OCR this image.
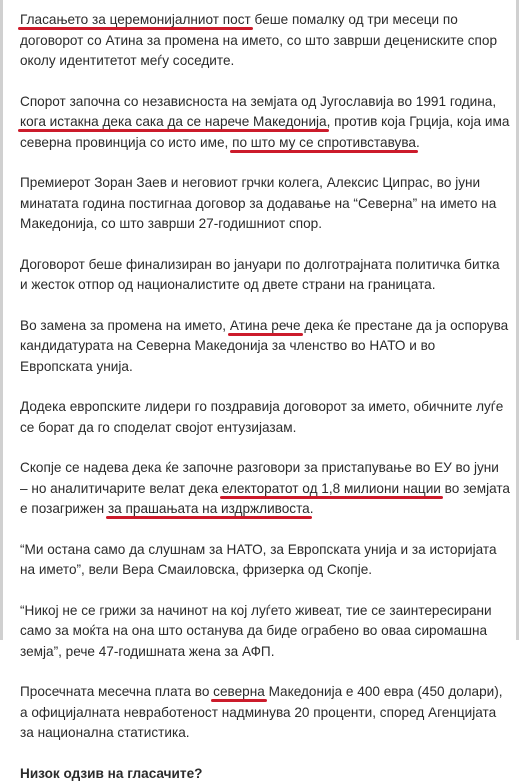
Гласањето за церемонијалниот пост беше помалку од три месеци по договорот со Атина за промена на името, со што заврши децениските спор околу идентитетот меѓу соседите.

Спорот започна со независноста на земјата од Југославија во 1991 година, кога истакна дека сака да се нарече Македонија, против која Грција, која има северна провинција со исто име, по што му се спротивставува.

Премиерот Зоран Заев и неговиот грчки колега, Алексис Ципрас, во јуни минатата година постигнаа договор за додавање на “Северна” на името на Македонија, со што заврши 27-годишниот спор.

Договорот беше финализиран во јануари по долготрајната политичка битка и жесток отпор од националистите од двете страни на границата.

Во замена за промена на името, Атина рече дека ќе престане да ја оспорува кандидатурата на Северна Македонија за членство во НАТО и во Европската унија.

Додека европските лидери го поздравија договорот за името, обичните луѓе се борат да го споделат својот ентузијазам.

Скопје се надева дека ќе започне разговори за пристапување во ЕУ во јуни – но аналитичарите велат дека електоратот од 1,8 милиони нации во земјата е позагрижен за прашањата на издржливоста.

“Ми остана само да слушнам за НАТО, за Европската унија и за историјата на името”, вели Вера Смаиловска, фризерка од Скопје.

“Никој не се грижи за начинот на кој луѓето живеат, тие се заинтересирани само за моќта на она што останува да биде ограбено во оваа сиромашна земја”, рече 47-годишната жена за АФП.

Просечната месечна плата во северна Македонија е 400 евра (450 долари), а официјалната невработеност надминува 20 проценти, според Агенцијата за национална статистика.

Низок одзив на гласачите?
